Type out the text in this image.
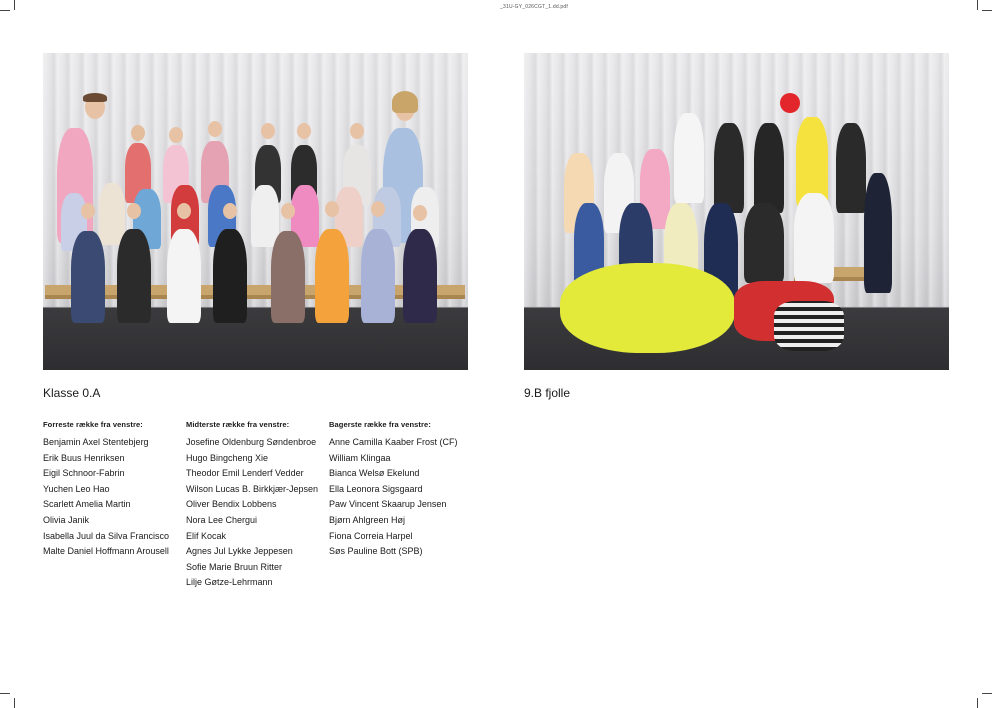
_31U-GY_026CGT_1.dd.pdf
Klasse 0.A	9.B fjolle
Forreste række fra venstre:
Benjamin Axel Stentebjerg
Erik Buus Henriksen
Eigil Schnoor-Fabrin
Yuchen Leo Hao
Scarlett Amelia Martin
Olivia Janik
Isabella Juul da Silva Francisco
Malte Daniel Hoffmann Arousell
Midterste række fra venstre:
Josefine Oldenburg Søndenbroe
Hugo Bingcheng Xie
Theodor Emil Lenderf Vedder
Wilson Lucas B. Birkkjær-Jepsen
Oliver Bendix Lobbens
Nora Lee Chergui
Elif Kocak
Agnes Jul Lykke Jeppesen
Sofie Marie Bruun Ritter
Lilje Gøtze-Lehrmann
Bagerste række fra venstre:
Anne Camilla Kaaber Frost (CF)
William Klingaa
Bianca Welsø Ekelund
Ella Leonora Sigsgaard
Paw Vincent Skaarup Jensen
Bjørn Ahlgreen Høj
Fiona Correia Harpel
Søs Pauline Bott (SPB)
